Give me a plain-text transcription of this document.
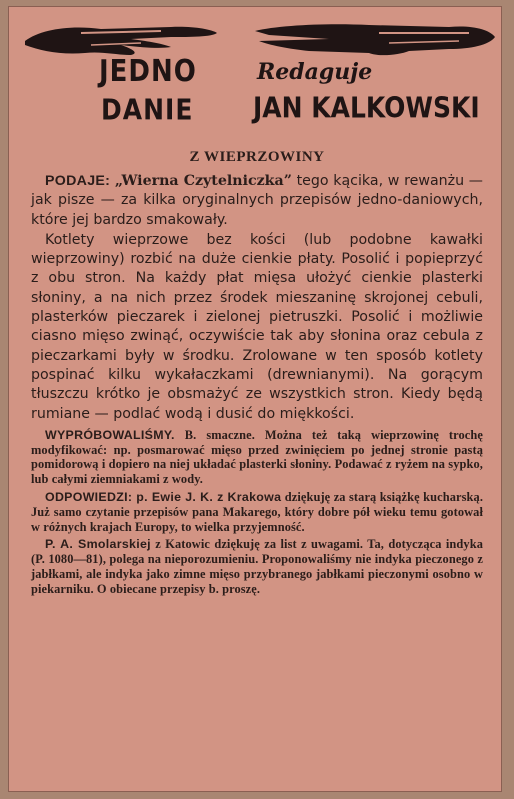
JEDNO	Redaguje
DANIE JAN KALKOWSKI
Z WIEPRZOWINY

PODAJE: „Wierna Czytelniczka” tego kącika, w rewanżu — jak pisze — za kilka oryginalnych przepisów jedno-daniowych, które jej bardzo smakowały.

Kotlety wieprzowe bez kości (lub podobne kawałki wieprzowiny) rozbić na duże cienkie płaty. Posolić i popieprzyć z obu stron. Na każdy płat mięsa ułożyć cienkie plasterki słoniny, a na nich przez środek mieszaninę skrojonej cebuli, plasterków pieczarek i zielonej pietruszki. Posolić i możliwie ciasno mięso zwinąć, oczywiście tak aby słonina oraz cebula z pieczarkami były w środku. Zrolowane w ten sposób kotlety pospinać kilku wykałaczkami (drewnianymi). Na gorącym tłuszczu krótko je obsmażyć ze wszystkich stron. Kiedy będą rumiane — podlać wodą i dusić do miękkości.

WYPRÓBOWALIŚMY. B. smaczne. Można też taką wieprzowinę trochę modyfikować: np. posmarować mięso przed zwinięciem po jednej stronie pastą pomidorową i dopiero na niej układać plasterki słoniny. Podawać z ryżem na sypko, lub całymi ziemniakami z wody.

ODPOWIEDZI: p. Ewie J. K. z Krakowa dziękuję za starą książkę kucharską. Już samo czytanie przepisów pana Makarego, który dobre pół wieku temu gotował w różnych krajach Europy, to wielka przyjemność.

P. A. Smolarskiej z Katowic dziękuję za list z uwagami. Ta, dotycząca indyka (P. 1080—81), polega na nieporozumieniu. Proponowaliśmy nie indyka pieczonego z jabłkami, ale indyka jako zimne mięso przybranego jabłkami pieczonymi osobno w piekarniku. O obiecane przepisy b. proszę.
